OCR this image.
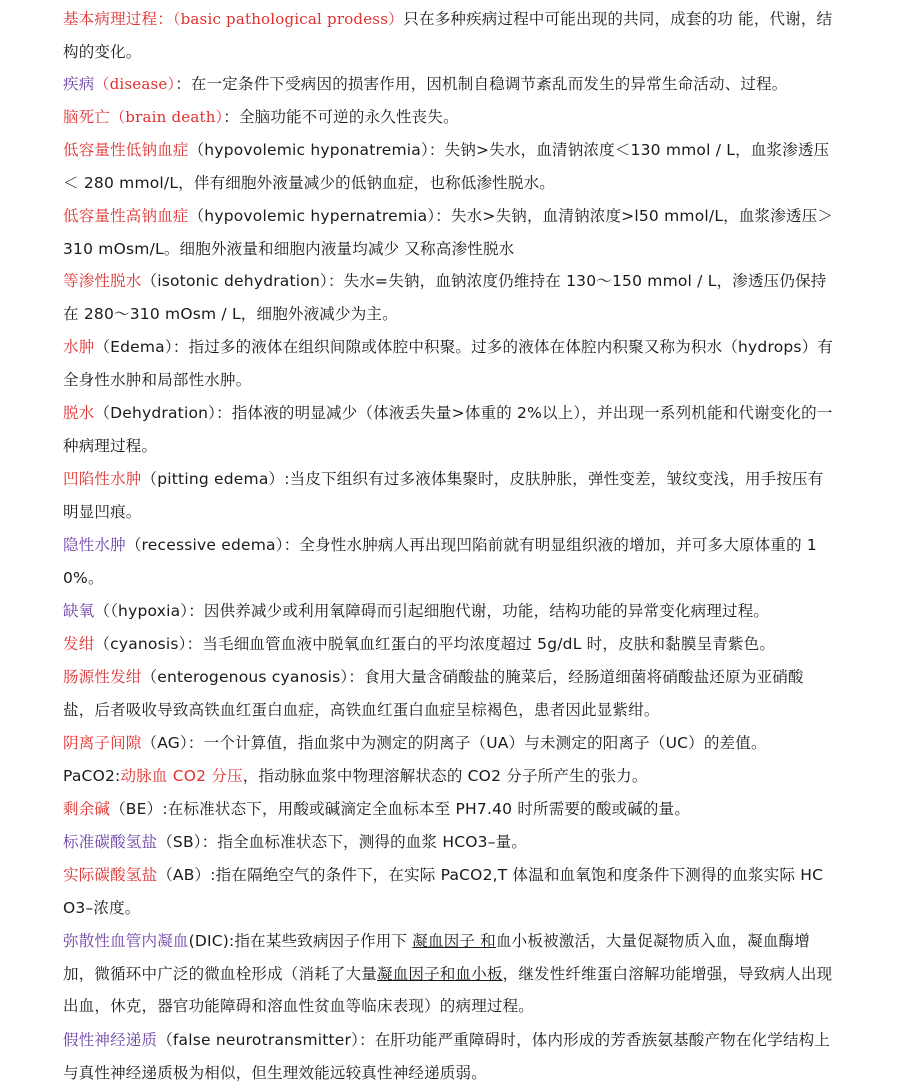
基本病理过程：（basic pathological prodess）只在多种疾病过程中可能出现的共同，成套的功 能，代谢，结构的变化。

疾病（disease）：在一定条件下受病因的损害作用，因机制自稳调节紊乱而发生的异常生命活动、过程。

脑死亡（brain death）：全脑功能不可逆的永久性丧失。

低容量性低钠血症（hypovolemic hyponatremia）：失钠>失水，血清钠浓度＜130 mmol / L，血浆渗透压＜ 280 mmol/L，伴有细胞外液量减少的低钠血症，也称低渗性脱水。

低容量性高钠血症（hypovolemic hypernatremia）：失水>失钠，血清钠浓度>l50 mmol/L，血浆渗透压＞310 mOsm/L。细胞外液量和细胞内液量均减少 又称高渗性脱水

等渗性脱水（isotonic dehydration）：失水=失钠，血钠浓度仍维持在 130～150 mmol / L，渗透压仍保持在 280～310 mOsm / L，细胞外液减少为主。

水肿（Edema）：指过多的液体在组织间隙或体腔中积聚。过多的液体在体腔内积聚又称为积水（hydrops）有全身性水肿和局部性水肿。

脱水（Dehydration）：指体液的明显减少（体液丢失量>体重的 2%以上），并出现一系列机能和代谢变化的一种病理过程。

凹陷性水肿（pitting edema）:当皮下组织有过多液体集聚时，皮肤肿胀，弹性变差，皱纹变浅，用手按压有明显凹痕。

隐性水肿（recessive edema）：全身性水肿病人再出现凹陷前就有明显组织液的增加，并可多大原体重的 10%。

缺氧（（hypoxia）：因供养减少或利用氧障碍而引起细胞代谢，功能，结构功能的异常变化病理过程。

发绀（cyanosis）：当毛细血管血液中脱氧血红蛋白的平均浓度超过 5g/dL 时，皮肤和黏膜呈青紫色。

肠源性发绀（enterogenous cyanosis）：食用大量含硝酸盐的腌菜后，经肠道细菌将硝酸盐还原为亚硝酸盐，后者吸收导致高铁血红蛋白血症，高铁血红蛋白血症呈棕褐色，患者因此显紫绀。

阴离子间隙（AG）：一个计算值，指血浆中为测定的阴离子（UA）与未测定的阳离子（UC）的差值。

PaCO2:动脉血 CO2 分压，指动脉血浆中物理溶解状态的 CO2 分子所产生的张力。

剩余碱（BE）:在标准状态下，用酸或碱滴定全血标本至 PH7.40 时所需要的酸或碱的量。

标准碳酸氢盐（SB）：指全血标准状态下，测得的血浆 HCO3–量。

实际碳酸氢盐（AB）:指在隔绝空气的条件下，在实际 PaCO2,T 体温和血氧饱和度条件下测得的血浆实际 HCO3–浓度。

弥散性血管内凝血(DIC):指在某些致病因子作用下 凝血因子 和血小板被激活，大量促凝物质入血，凝血酶增加，微循环中广泛的微血栓形成（消耗了大量凝血因子和血小板，继发性纤维蛋白溶解功能增强，导致病人出现出血，休克，器官功能障碍和溶血性贫血等临床表现）的病理过程。

假性神经递质（false neurotransmitter）：在肝功能严重障碍时，体内形成的芳香族氨基酸产物在化学结构上与真性神经递质极为相似，但生理效能远较真性神经递质弱。
